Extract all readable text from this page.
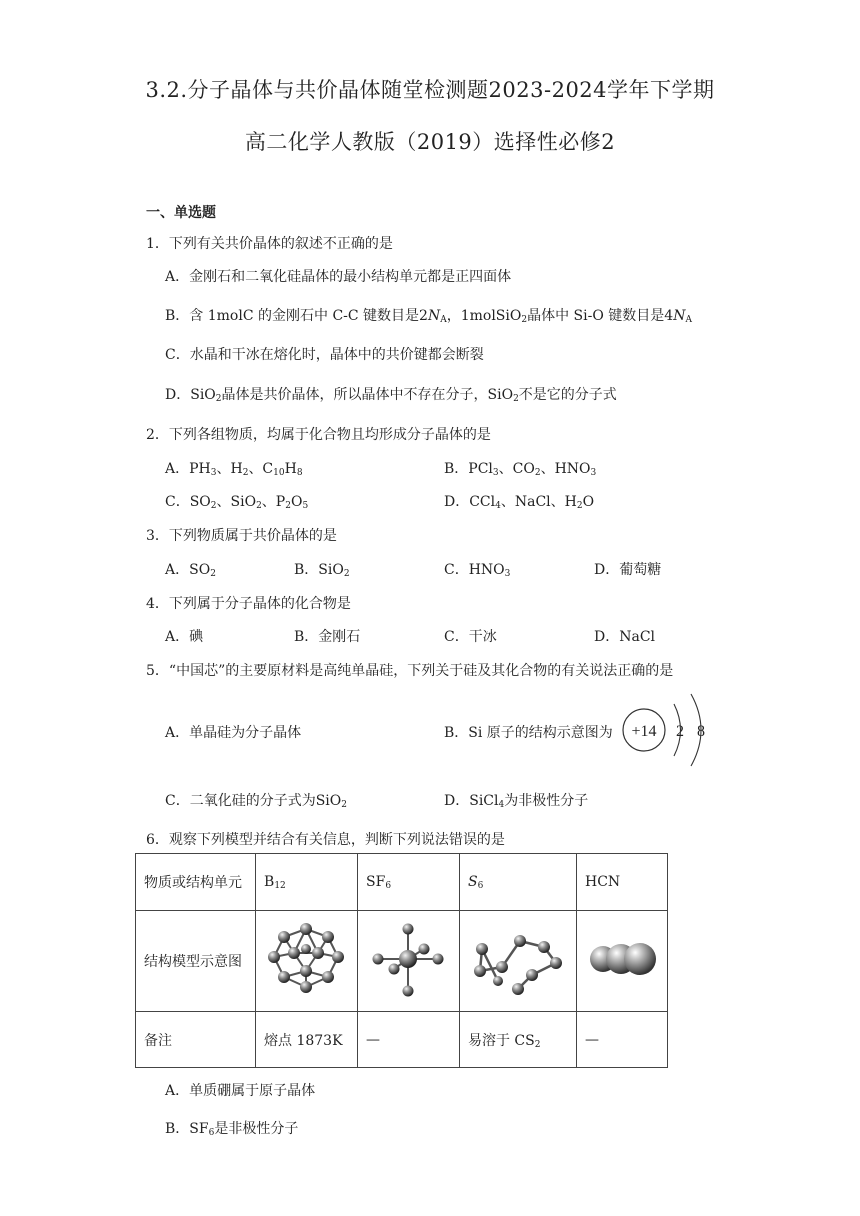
3.2.分子晶体与共价晶体随堂检测题2023-2024学年下学期
高二化学人教版（2019）选择性必修2
一、单选题
1．下列有关共价晶体的叙述不正确的是
A．金刚石和二氧化硅晶体的最小结构单元都是正四面体
B．含 1molC 的金刚石中 C-C 键数目是$2N_A$，1molSiO$_2$晶体中 Si-O 键数目是$4N_A$
C．水晶和干冰在熔化时，晶体中的共价键都会断裂
D．SiO$_2$晶体是共价晶体，所以晶体中不存在分子，SiO$_2$不是它的分子式
2．下列各组物质，均属于化合物且均形成分子晶体的是
A．$PH_3$、$H_2$、$C_{10}H_8$	B．PCl$_3$、$CO_2$、$HNO_3$
C．$SO_2$、SiO$_2$、$P_2O_5$	D．CCl$_4$、NaCl、$H_2O$
3．下列物质属于共价晶体的是
A．$SO_2$	B．SiO$_2$	C．$HNO_3$	D．葡萄糖
4．下列属于分子晶体的化合物是
A．碘	B．金刚石	C．干冰	D．NaCl
5．“中国芯”的主要原材料是高纯单晶硅，下列关于硅及其化合物的有关说法正确的是
A．单晶硅为分子晶体	B．Si 原子的结构示意图为 +14 2 8
C．二氧化硅的分子式为SiO$_2$	D．SiCl$_4$为非极性分子
6．观察下列模型并结合有关信息，判断下列说法错误的是
物质或结构单元	$B_{12}$	$SF_6$	$S_6$	HCN
结构模型示意图				
备注	熔点 1873K	—	易溶于 $CS_2$	—
A．单质硼属于原子晶体
B．$SF_6$是非极性分子
